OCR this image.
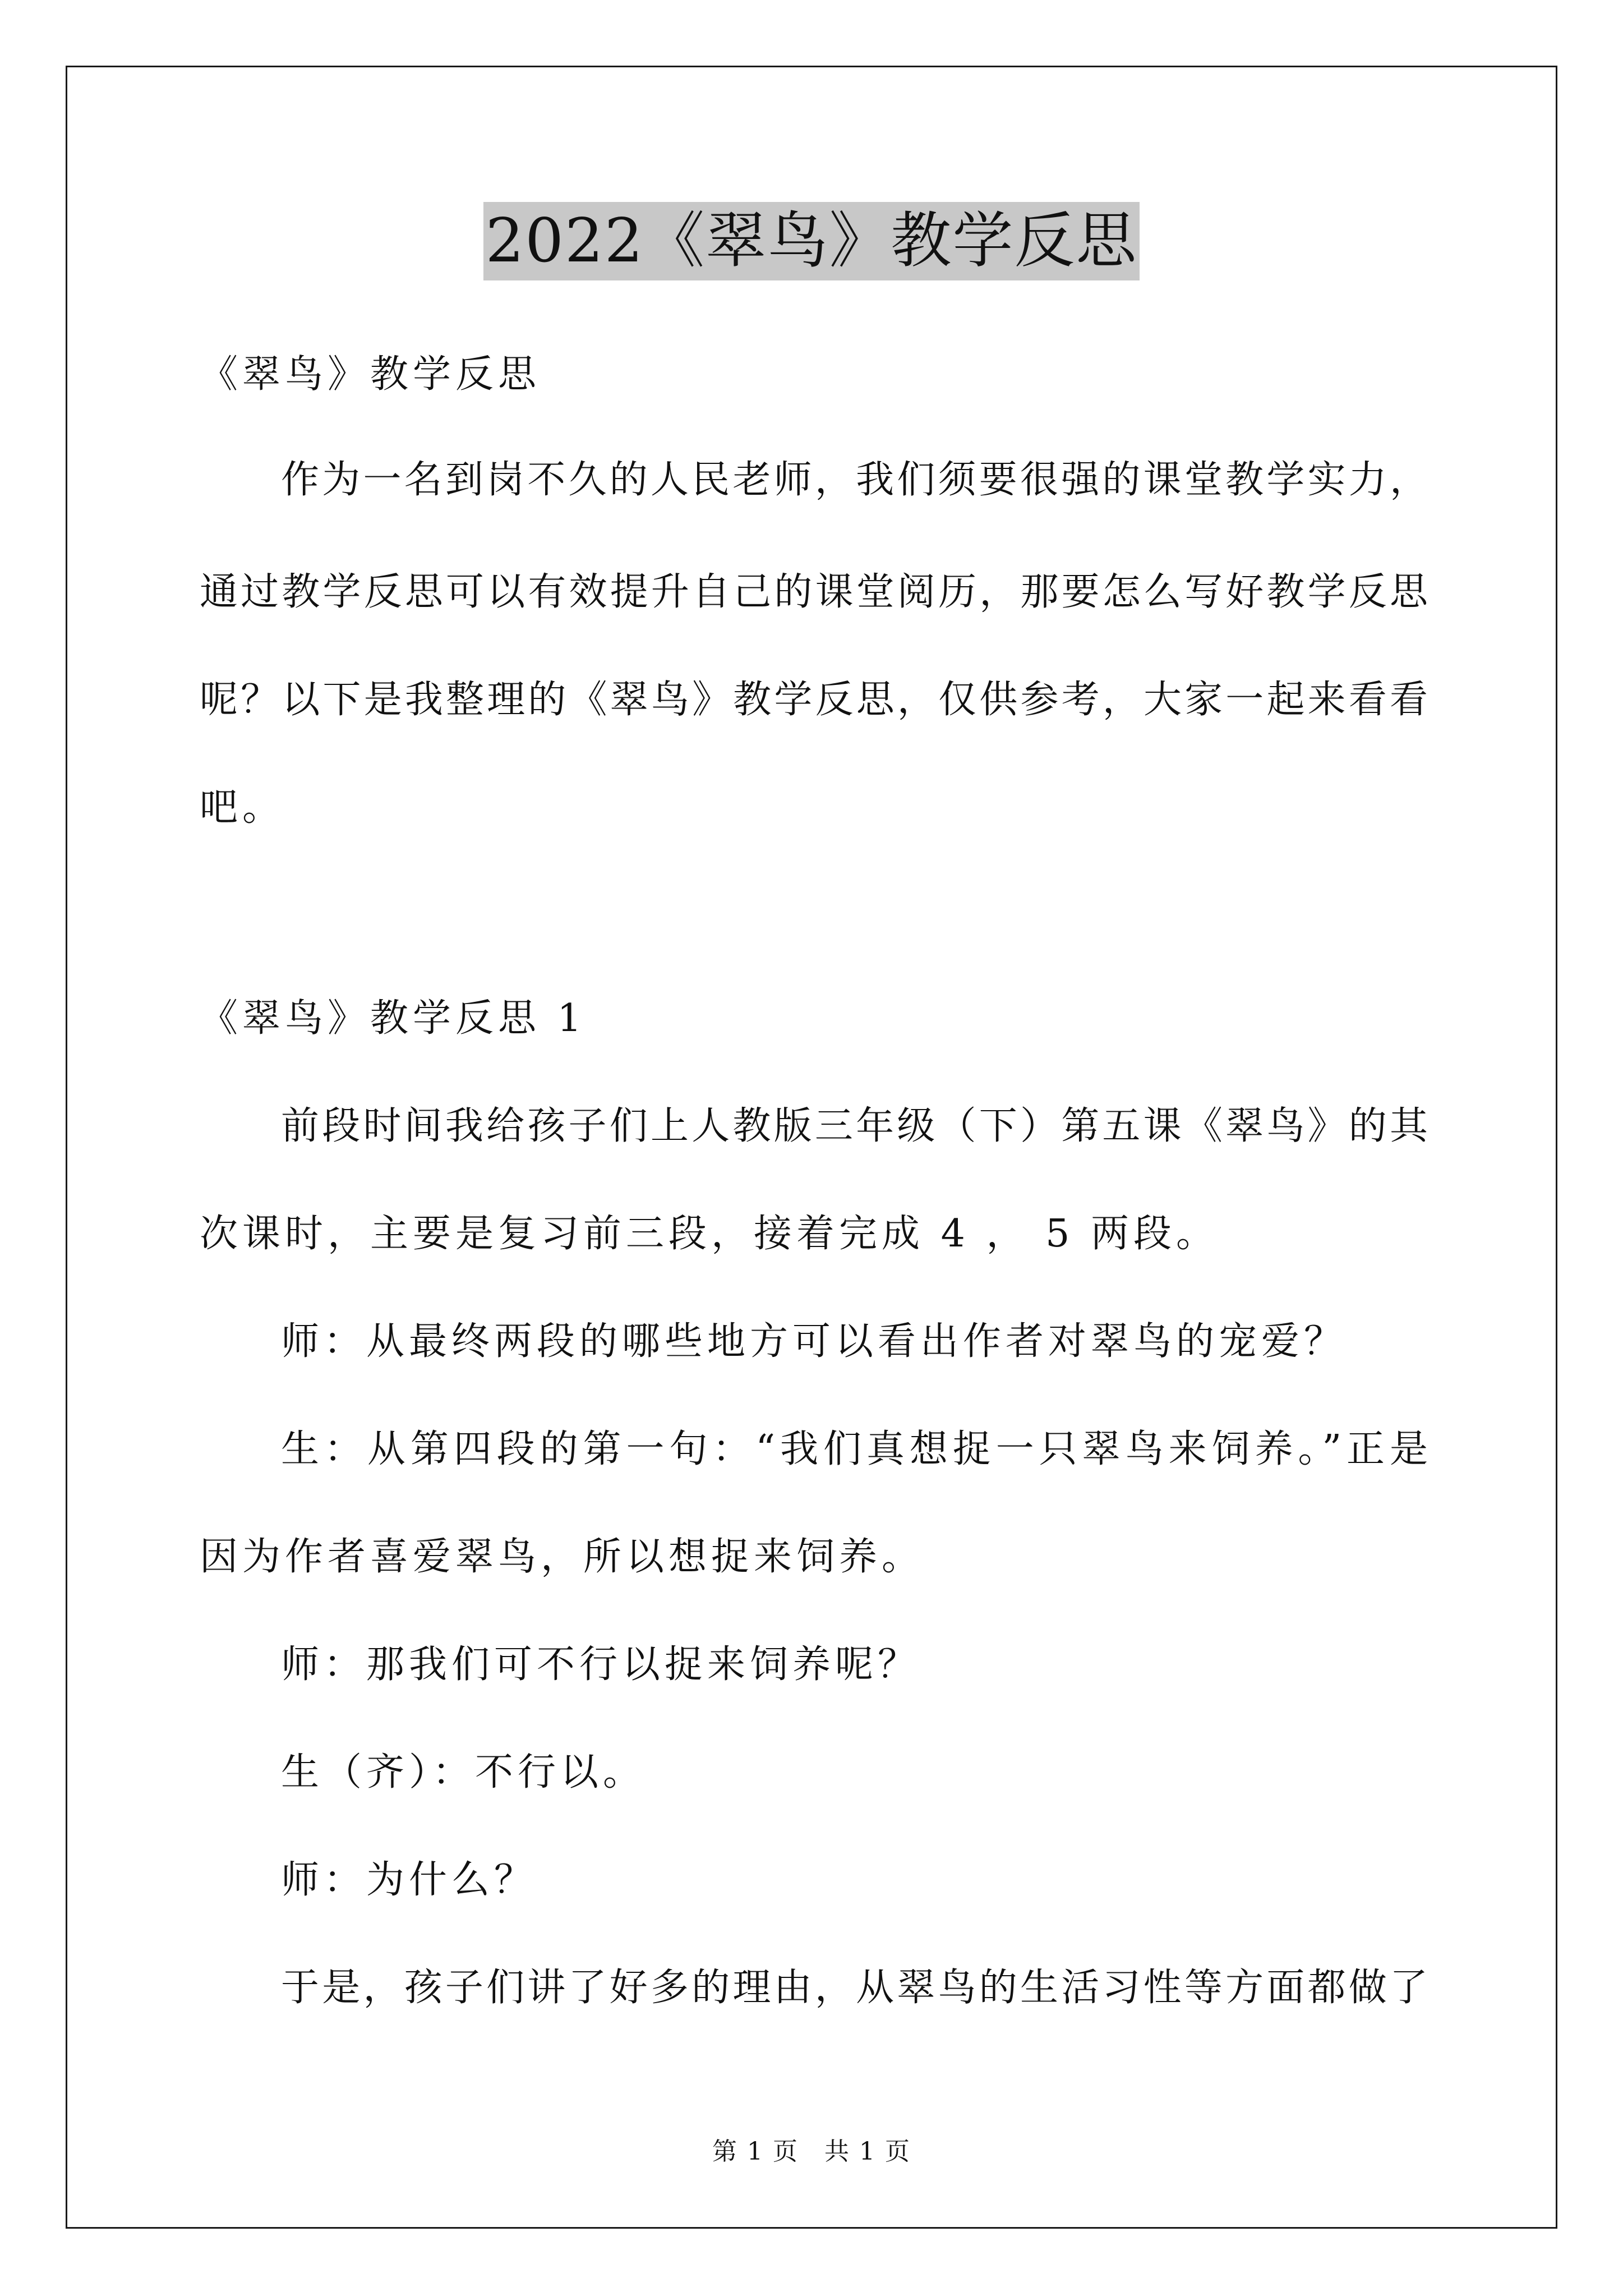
2022《翠鸟》教学反思
《翠鸟》教学反思
作为一名到岗不久的人民老师，我们须要很强的课堂教学实力，
通过教学反思可以有效提升自己的课堂阅历，那要怎么写好教学反思
呢？以下是我整理的《翠鸟》教学反思，仅供参考，大家一起来看看
吧。
《翠鸟》教学反思 1
前段时间我给孩子们上人教版三年级（下）第五课《翠鸟》的其
次课时，主要是复习前三段，接着完成 4 ， 5 两段。
师：从最终两段的哪些地方可以看出作者对翠鸟的宠爱？
生：从第四段的第一句：“我们真想捉一只翠鸟来饲养。”正是
因为作者喜爱翠鸟，所以想捉来饲养。
师：那我们可不行以捉来饲养呢？
生（齐）：不行以。
师：为什么？
于是，孩子们讲了好多的理由，从翠鸟的生活习性等方面都做了
第 1 页　共 1 页
